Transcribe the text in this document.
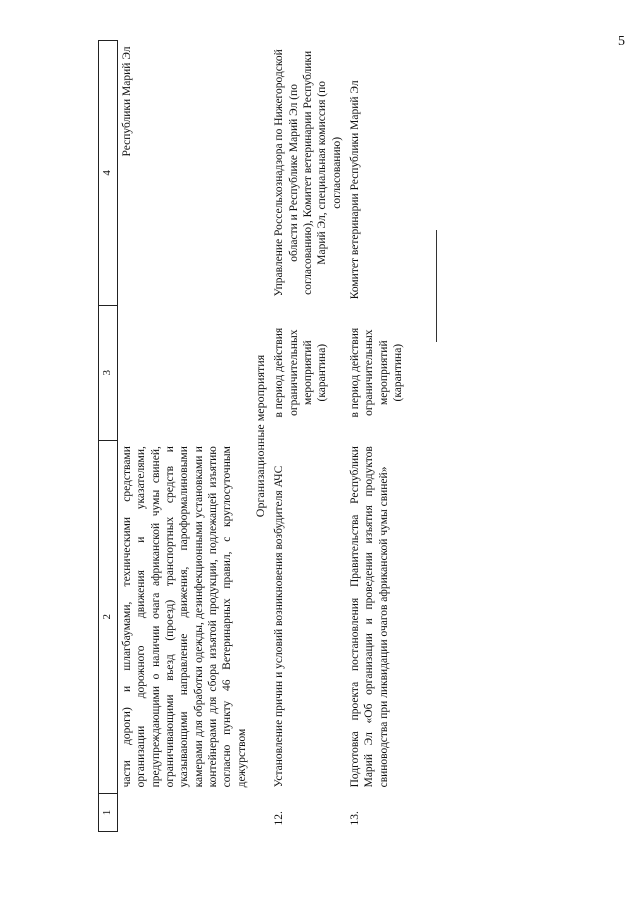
5
1	2	3	4
	части дороги) и шлагбаумами, техническими средствами организации дорожного движения и указателями, предупреждающими о наличии очага африканской чумы свиней, ограничивающими въезд (проезд) транспортных средств и указывающими направление движения, пароформалиновыми камерами для обработки одежды, дезинфекционными установками и контейнерами для сбора изъятой продукции, подлежащей изъятию согласно пункту 46 Ветеринарных правил, с круглосуточным дежурством		Республики Марий Эл
Организационные мероприятия			
12.	Установление причин и условий возникновения возбудителя АЧС	в период действия ограничительных мероприятий (карантина)	Управление Россельхознадзора по Нижегородской области и Республике Марий Эл (по согласованию), Комитет ветеринарии Республики Марий Эл, специальная комиссия (по согласованию)
13.	Подготовка проекта постановления Правительства Республики Марий Эл «Об организации и проведении изъятия продуктов свиноводства при ликвидации очагов африканской чумы свиней»	в период действия ограничительных мероприятий (карантина)	Комитет ветеринарии Республики Марий Эл
